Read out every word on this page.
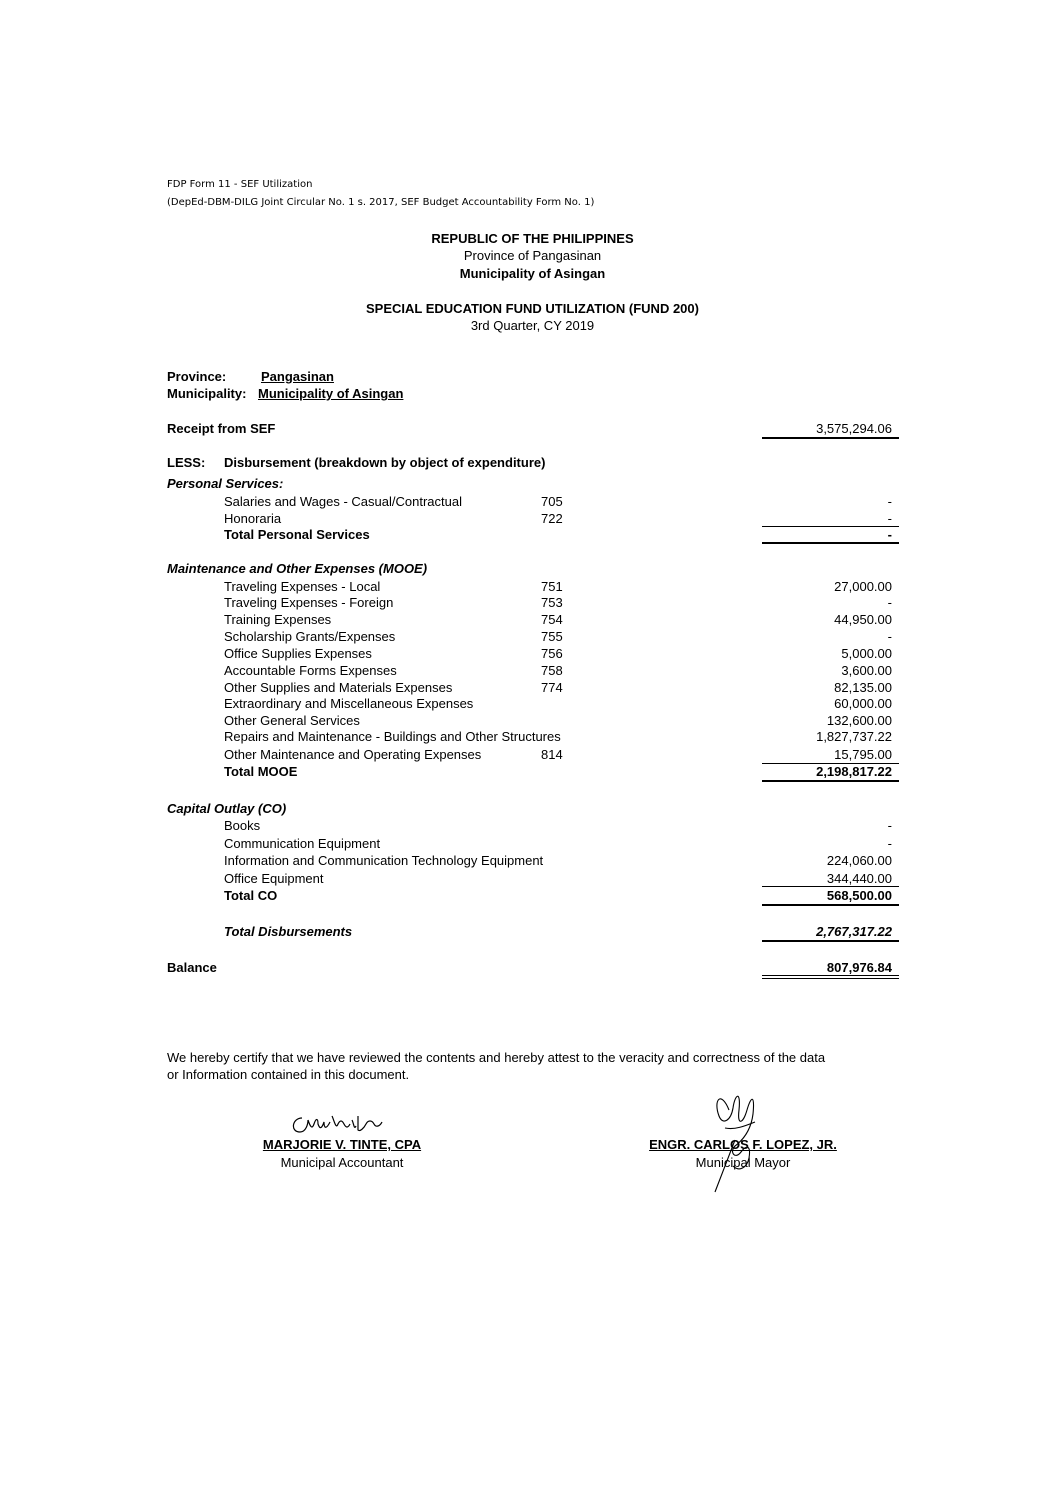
FDP Form 11 - SEF Utilization
(DepEd-DBM-DILG Joint Circular No. 1 s. 2017, SEF Budget Accountability Form No. 1)
REPUBLIC OF THE PHILIPPINES
Province of Pangasinan
Municipality of Asingan
SPECIAL EDUCATION FUND UTILIZATION (FUND 200)
3rd Quarter, CY 2019
Province:	Pangasinan
Municipality: Municipality of Asingan
Receipt from SEF	3,575,294.06
LESS: Disbursement (breakdown by object of expenditure)
Personal Services:
Salaries and Wages - Casual/Contractual	705	-
Honoraria	722	-
Total Personal Services	-
Maintenance and Other Expenses (MOOE)
Traveling Expenses - Local	751	27,000.00
Traveling Expenses - Foreign	753	-
Training Expenses	754	44,950.00
Scholarship Grants/Expenses	755	-
Office Supplies Expenses	756	5,000.00
Accountable Forms Expenses	758	3,600.00
Other Supplies and Materials Expenses	774	82,135.00
Extraordinary and Miscellaneous Expenses	60,000.00
Other General Services	132,600.00
Repairs and Maintenance - Buildings and Other Structures	1,827,737.22
Other Maintenance and Operating Expenses	814	15,795.00
Total MOOE	2,198,817.22
Capital Outlay (CO)
Books	-
Communication Equipment	-
Information and Communication Technology Equipment	224,060.00
Office Equipment	344,440.00
Total CO	568,500.00
Total Disbursements	2,767,317.22
Balance	807,976.84
We hereby certify that we have reviewed the contents and hereby attest to the veracity and correctness of the data
or Information contained in this document.
MARJORIE V. TINTE, CPA
Municipal Accountant
ENGR. CARLOS F. LOPEZ, JR.
Municipal Mayor
